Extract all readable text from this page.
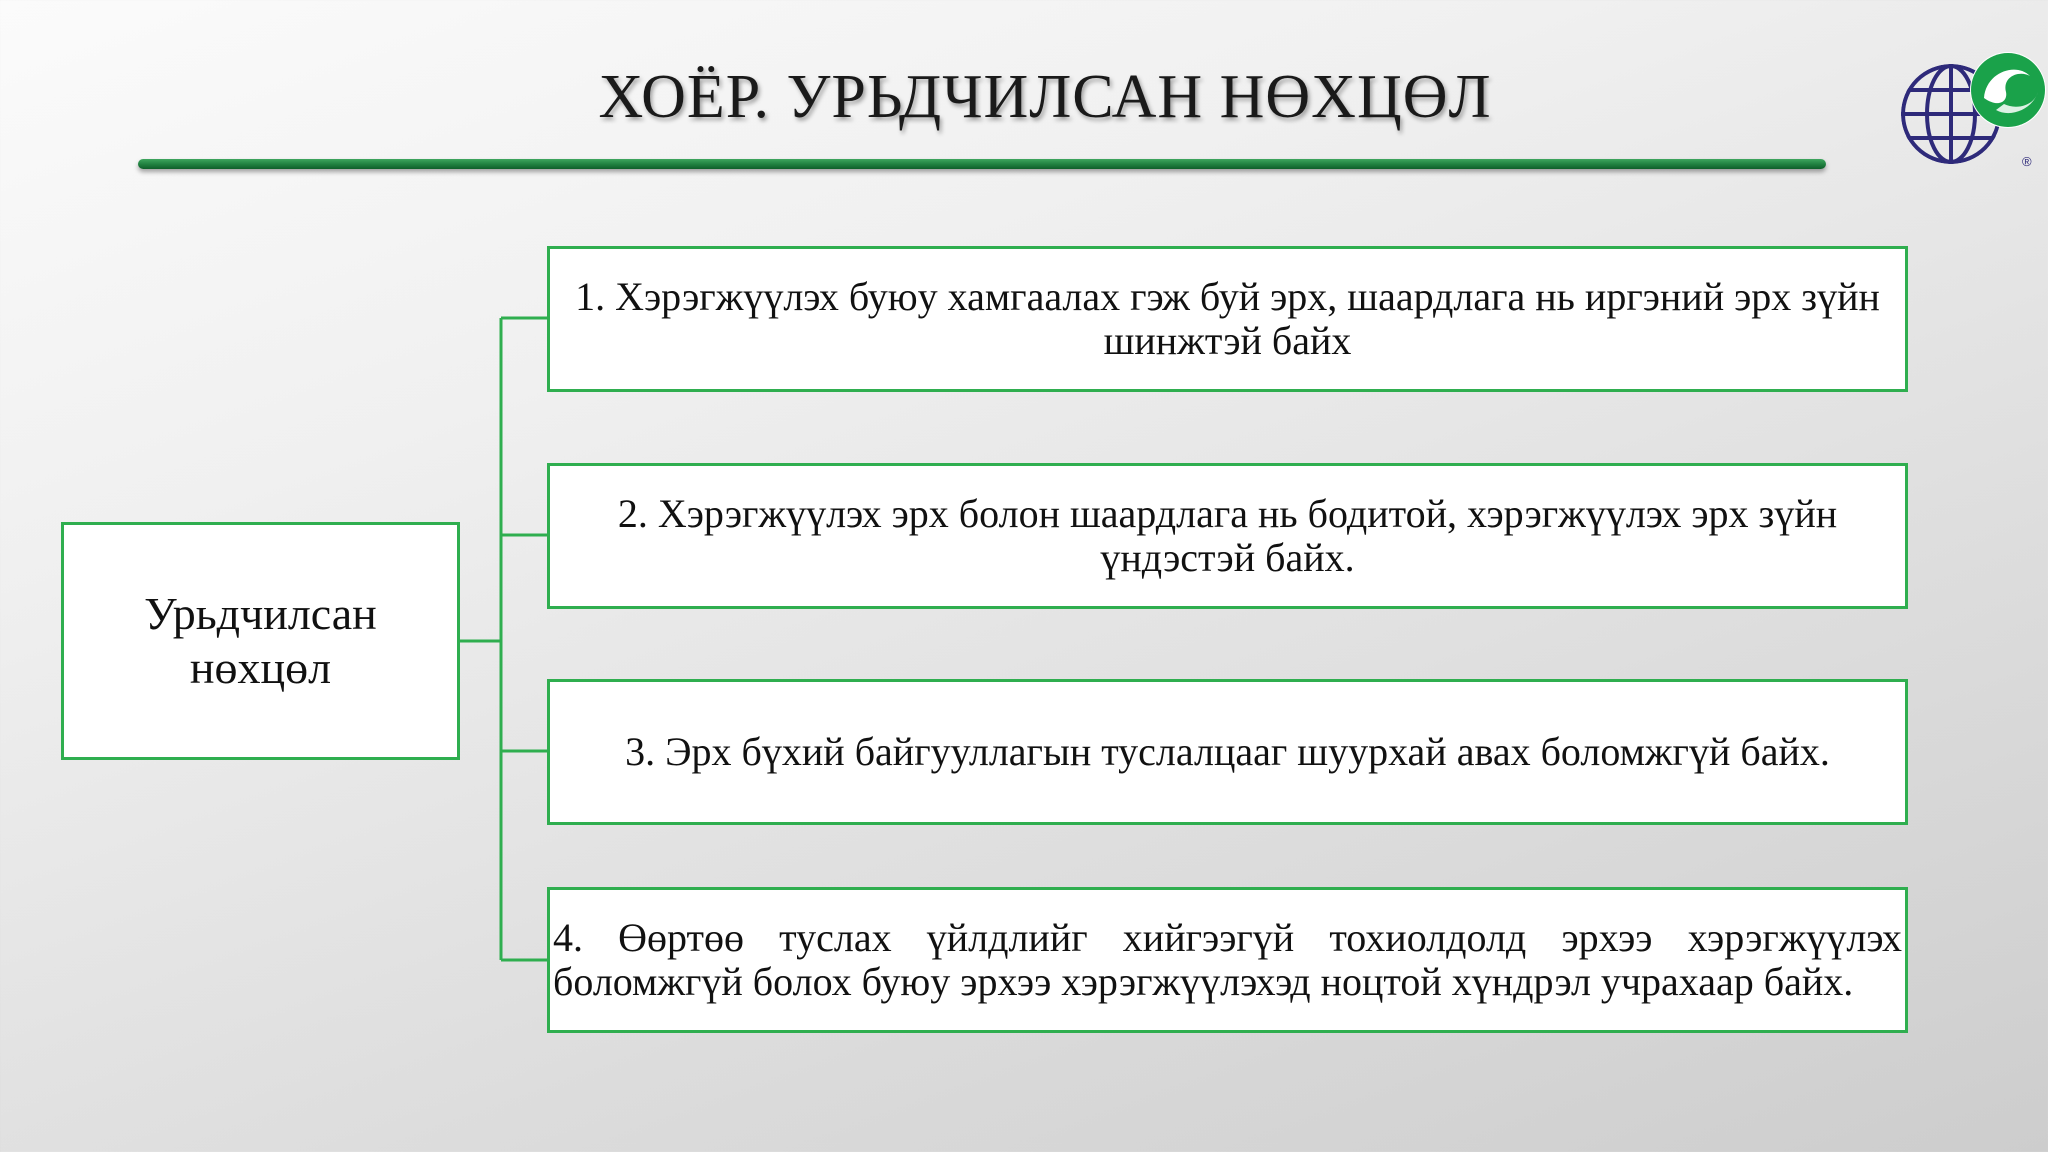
ХОЁР. УРЬДЧИЛСАН НӨХЦӨЛ
®
Урьдчилсан
нөхцөл
1. Хэрэгжүүлэх буюу хамгаалах гэж буй эрх, шаардлага нь иргэний эрх зүйн шинжтэй байх
2. Хэрэгжүүлэх эрх болон шаардлага нь бодитой, хэрэгжүүлэх эрх зүйн үндэстэй байх.
3. Эрх бүхий байгууллагын туслалцааг шуурхай авах боломжгүй байх.
4. Өөртөө туслах үйлдлийг хийгээгүй тохиолдолд эрхээ хэрэгжүүлэх боломжгүй болох буюу эрхээ хэрэгжүүлэхэд ноцтой хүндрэл учрахаар байх.
